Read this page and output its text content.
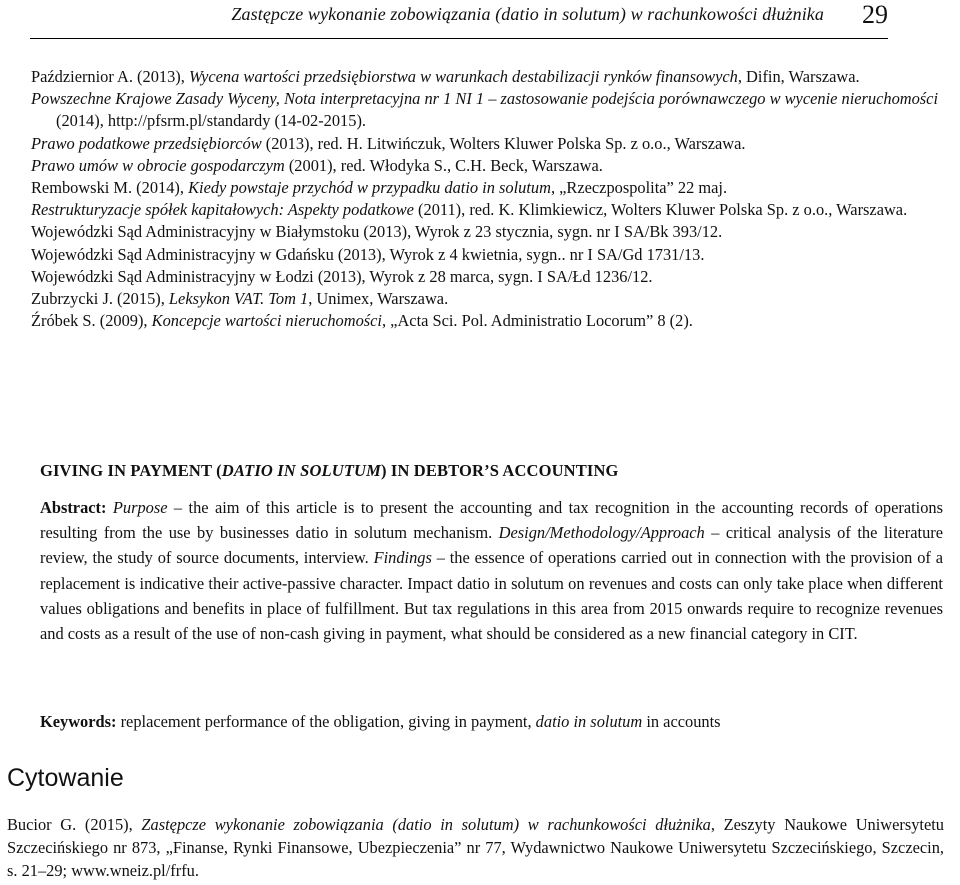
Zastępcze wykonanie zobowiązania (datio in solutum) w rachunkowości dłużnika 29

Październior A. (2013), Wycena wartości przedsiębiorstwa w warunkach destabilizacji rynków finansowych, Difin, Warszawa.

Powszechne Krajowe Zasady Wyceny, Nota interpretacyjna nr 1 NI 1 – zastosowanie podejścia porównawczego w wycenie nieruchomości (2014), http://pfsrm.pl/standardy (14-02-2015).

Prawo podatkowe przedsiębiorców (2013), red. H. Litwińczuk, Wolters Kluwer Polska Sp. z o.o., Warszawa.

Prawo umów w obrocie gospodarczym (2001), red. Włodyka S., C.H. Beck, Warszawa.

Rembowski M. (2014), Kiedy powstaje przychód w przypadku datio in solutum, „Rzeczpospolita” 22 maj.

Restrukturyzacje spółek kapitałowych: Aspekty podatkowe (2011), red. K. Klimkiewicz, Wolters Kluwer Polska Sp. z o.o., Warszawa.

Wojewódzki Sąd Administracyjny w Białymstoku (2013), Wyrok z 23 stycznia, sygn. nr I SA/Bk 393/12.

Wojewódzki Sąd Administracyjny w Gdańsku (2013), Wyrok z 4 kwietnia, sygn.. nr I SA/Gd 1731/13.

Wojewódzki Sąd Administracyjny w Łodzi (2013), Wyrok z 28 marca, sygn. I SA/Łd 1236/12.

Zubrzycki J. (2015), Leksykon VAT. Tom 1, Unimex, Warszawa.

Źróbek S. (2009), Koncepcje wartości nieruchomości, „Acta Sci. Pol. Administratio Locorum” 8 (2).

GIVING IN PAYMENT (DATIO IN SOLUTUM) IN DEBTOR’S ACCOUNTING
Abstract: Purpose – the aim of this article is to present the accounting and tax recognition in the accounting records of operations resulting from the use by businesses datio in solutum mechanism. Design/Methodology/Approach – critical analysis of the literature review, the study of source documents, interview. Findings – the essence of operations carried out in connection with the provision of a replacement is indicative their active-passive character. Impact datio in solutum on revenues and costs can only take place when different values obligations and benefits in place of fulfillment. But tax regulations in this area from 2015 onwards require to recognize revenues and costs as a result of the use of non-cash giving in payment, what should be considered as a new financial category in CIT.
Keywords: replacement performance of the obligation, giving in payment, datio in solutum in accounts
Cytowanie
Bucior G. (2015), Zastępcze wykonanie zobowiązania (datio in solutum) w rachunkowości dłużnika, Zeszyty Naukowe Uniwersytetu Szczecińskiego nr 873, „Finanse, Rynki Finansowe, Ubezpieczenia” nr 77, Wydawnictwo Naukowe Uniwersytetu Szczecińskiego, Szczecin, s. 21–29; www.wneiz.pl/frfu.
